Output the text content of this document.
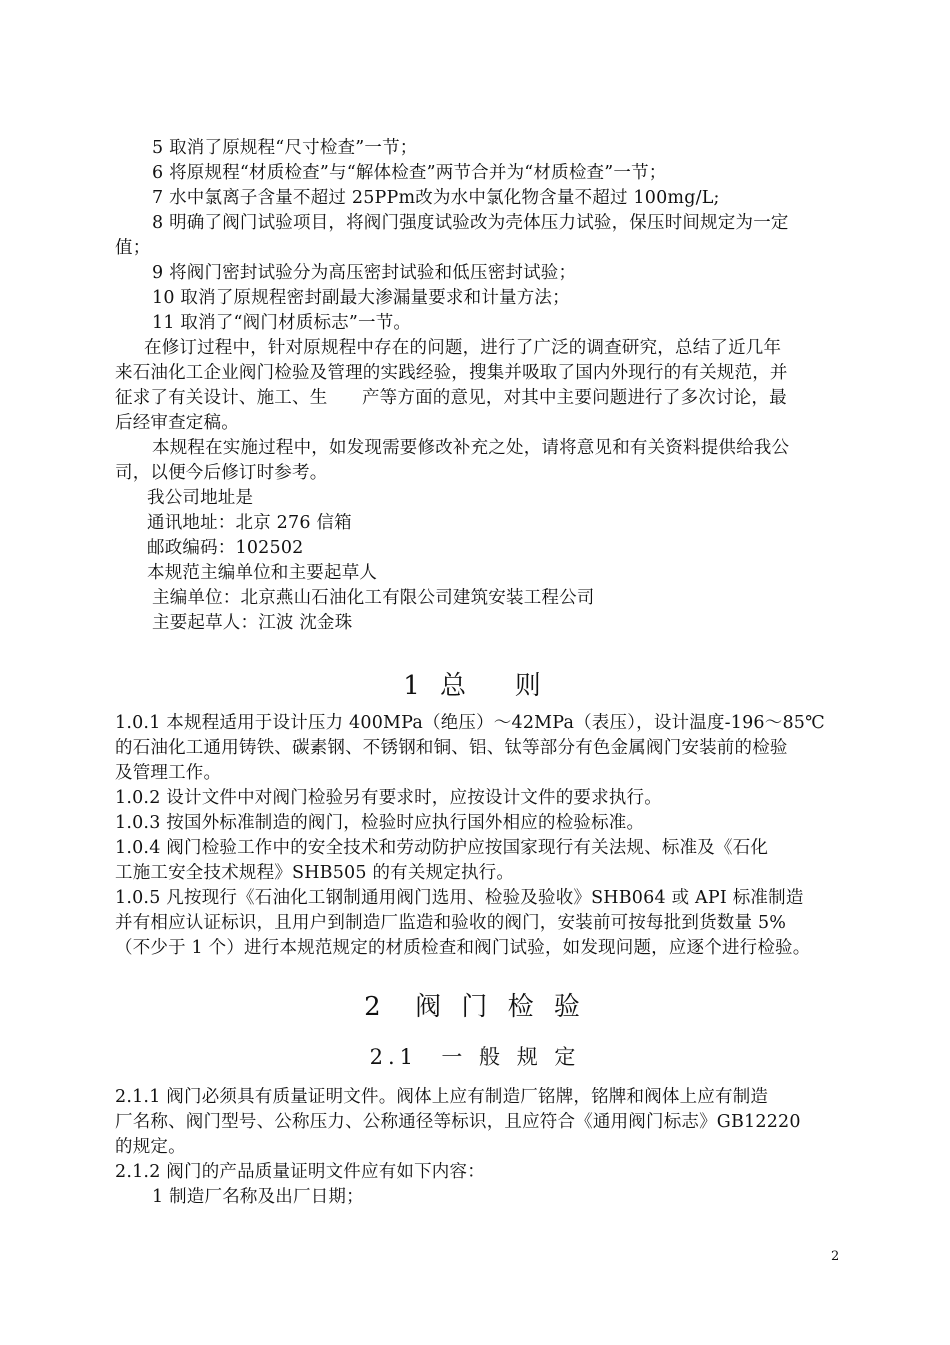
5 取消了原规程“尺寸检查”一节；
6 将原规程“材质检查”与“解体检查”两节合并为“材质检查”一节；
7 水中氯离子含量不超过 25PPm改为水中氯化物含量不超过 100mg/L;
8 明确了阀门试验项目，将阀门强度试验改为壳体压力试验，保压时间规定为一定
值；
9 将阀门密封试验分为高压密封试验和低压密封试验；
10 取消了原规程密封副最大渗漏量要求和计量方法；
11 取消了“阀门材质标志”一节。
在修订过程中，针对原规程中存在的问题，进行了广泛的调查研究，总结了近几年
来石油化工企业阀门检验及管理的实践经验，搜集并吸取了国内外现行的有关规范，并
征求了有关设计、施工、生      产等方面的意见，对其中主要问题进行了多次讨论，最
后经审查定稿。
本规程在实施过程中，如发现需要修改补充之处，请将意见和有关资料提供给我公
司，以便今后修订时参考。
我公司地址是
通讯地址：北京 276 信箱
邮政编码：102502
本规范主编单位和主要起草人
主编单位：北京燕山石油化工有限公司建筑安装工程公司
主要起草人：江波 沈金珠
1 总   则
1.0.1 本规程适用于设计压力 400MPa（绝压）～42MPa（表压），设计温度-196～85℃
的石油化工通用铸铁、碳素钢、不锈钢和铜、铝、钛等部分有色金属阀门安装前的检验
及管理工作。
1.0.2 设计文件中对阀门检验另有要求时，应按设计文件的要求执行。
1.0.3 按国外标准制造的阀门，检验时应执行国外相应的检验标准。
1.0.4 阀门检验工作中的安全技术和劳动防护应按国家现行有关法规、标准及《石化
工施工安全技术规程》SHB505 的有关规定执行。
1.0.5 凡按现行《石油化工钢制通用阀门选用、检验及验收》SHB064 或 API 标准制造
并有相应认证标识，且用户到制造厂监造和验收的阀门，安装前可按每批到货数量 5%
（不少于 1 个）进行本规范规定的材质检查和阀门试验，如发现问题，应逐个进行检验。
2  阀 门 检 验
2.1  一 般 规 定
2.1.1 阀门必须具有质量证明文件。阀体上应有制造厂铭牌，铭牌和阀体上应有制造
厂名称、阀门型号、公称压力、公称通径等标识，且应符合《通用阀门标志》GB12220
的规定。
2.1.2 阀门的产品质量证明文件应有如下内容：
1 制造厂名称及出厂日期；
2
